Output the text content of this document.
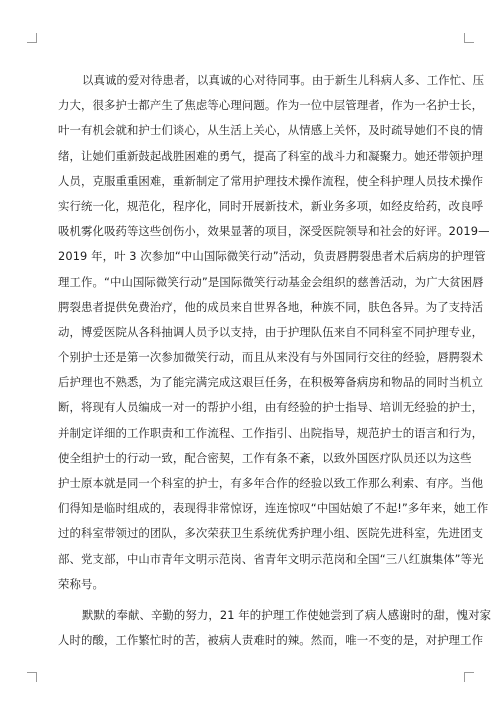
以真诚的爱对待患者，以真诚的心对待同事。由于新生儿科病人多、工作忙、压
力大，很多护士都产生了焦虑等心理问题。作为一位中层管理者，作为一名护士长，
叶一有机会就和护士们谈心，从生活上关心，从情感上关怀，及时疏导她们不良的情
绪，让她们重新鼓起战胜困难的勇气，提高了科室的战斗力和凝聚力。她还带领护理
人员，克服重重困难，重新制定了常用护理技术操作流程，使全科护理人员技术操作
实行统一化，规范化，程序化，同时开展新技术，新业务多项，如经皮给药，改良呼
吸机雾化吸药等这些创伤小，效果显著的项目，深受医院领导和社会的好评。2019—
2019 年，叶 3 次参加“中山国际微笑行动”活动，负责唇腭裂患者术后病房的护理管
理工作。“中山国际微笑行动”是国际微笑行动基金会组织的慈善活动，为广大贫困唇
腭裂患者提供免费治疗，他的成员来自世界各地，种族不同，肤色各异。为了支持活
动，博爱医院从各科抽调人员予以支持，由于护理队伍来自不同科室不同护理专业，
个别护士还是第一次参加微笑行动，而且从来没有与外国同行交往的经验，唇腭裂术
后护理也不熟悉，为了能完满完成这艰巨任务，在积极筹备病房和物品的同时当机立
断，将现有人员编成一对一的帮护小组，由有经验的护士指导、培训无经验的护士，
并制定详细的工作职责和工作流程、工作指引、出院指导，规范护士的语言和行为，
使全组护士的行动一致，配合密契，工作有条不紊，以致外国医疗队员还以为这些
护士原本就是同一个科室的护士，有多年合作的经验以致工作那么利索、有序。当他
们得知是临时组成的，表现得非常惊讶，连连惊叹“中国姑娘了不起!”多年来，她工作
过的科室带领过的团队，多次荣获卫生系统优秀护理小组、医院先进科室，先进团支
部、党支部，中山市青年文明示范岗、省青年文明示范岗和全国“三八红旗集体”等光
荣称号。
默默的奉献、辛勤的努力，21 年的护理工作使她尝到了病人感谢时的甜，愧对家
人时的酸，工作繁忙时的苦，被病人责难时的辣。然而，唯一不变的是，对护理工作
